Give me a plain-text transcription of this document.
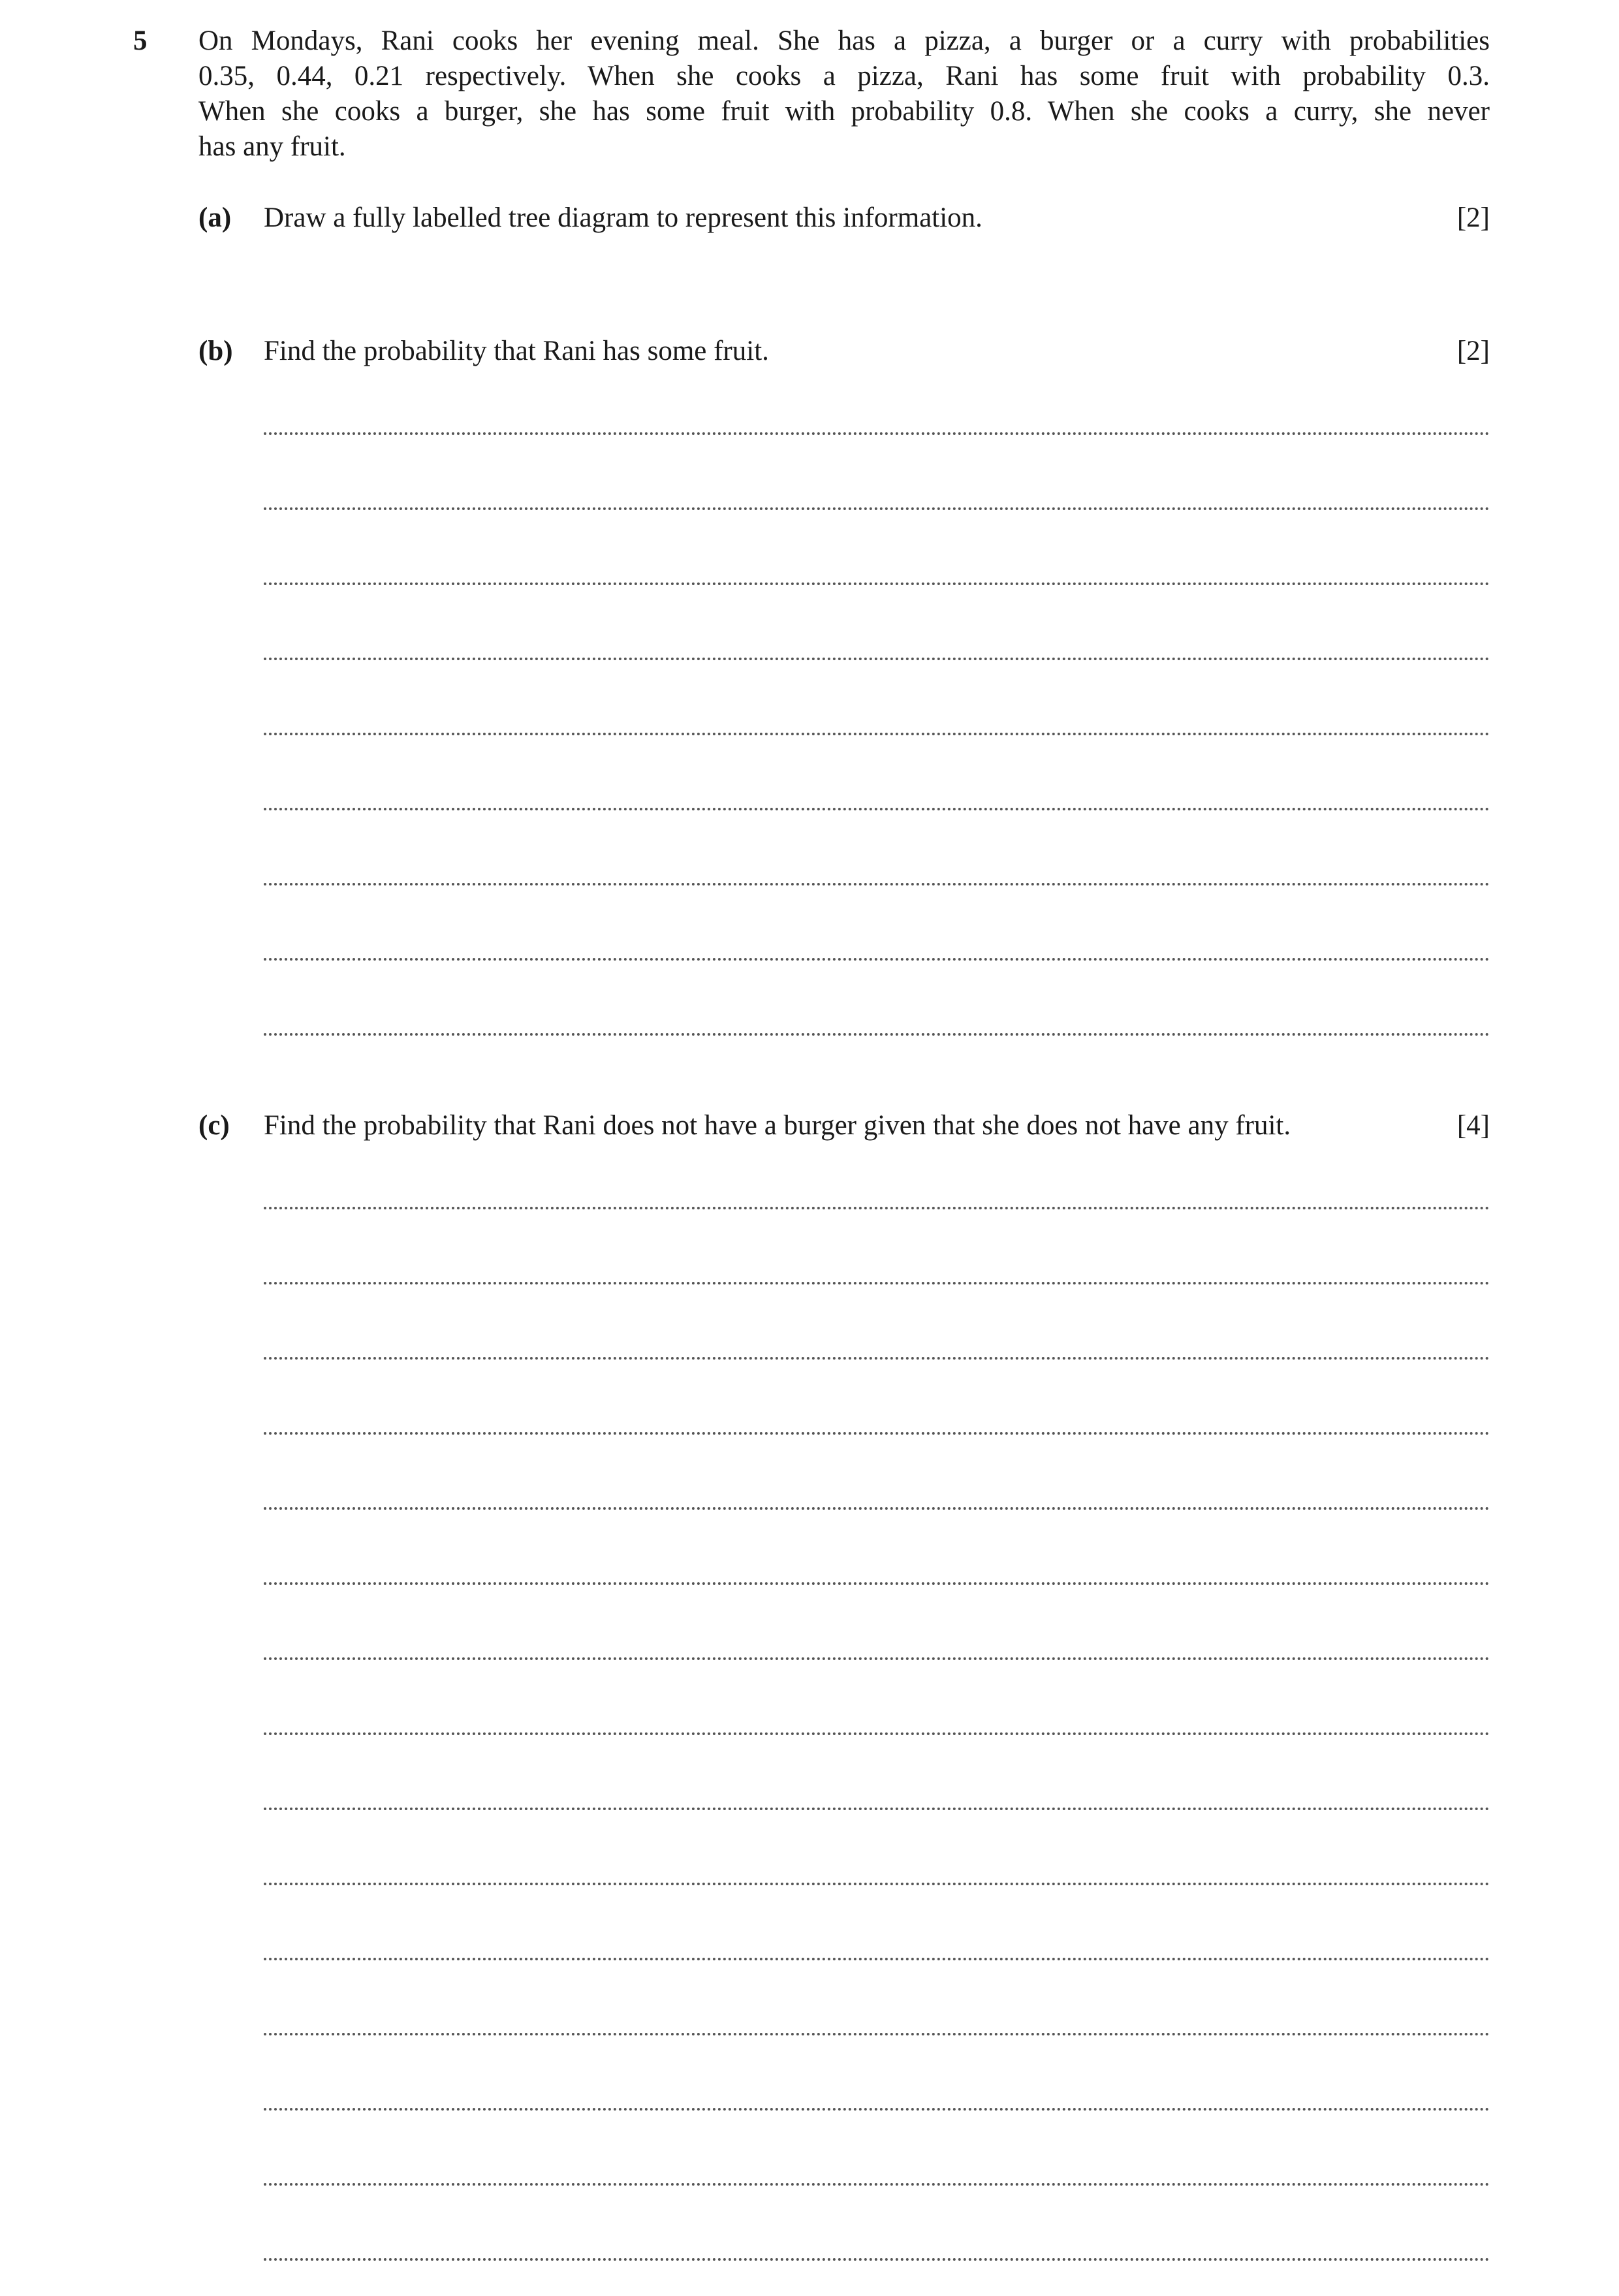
5 On Mondays, Rani cooks her evening meal. She has a pizza, a burger or a curry with probabilities
0.35, 0.44, 0.21 respectively. When she cooks a pizza, Rani has some fruit with probability 0.3.
When she cooks a burger, she has some fruit with probability 0.8. When she cooks a curry, she never
has any fruit.
(a) Draw a fully labelled tree diagram to represent this information.	[2]
(b) Find the probability that Rani has some fruit.	[2]
(c) Find the probability that Rani does not have a burger given that she does not have any fruit.	[4]
